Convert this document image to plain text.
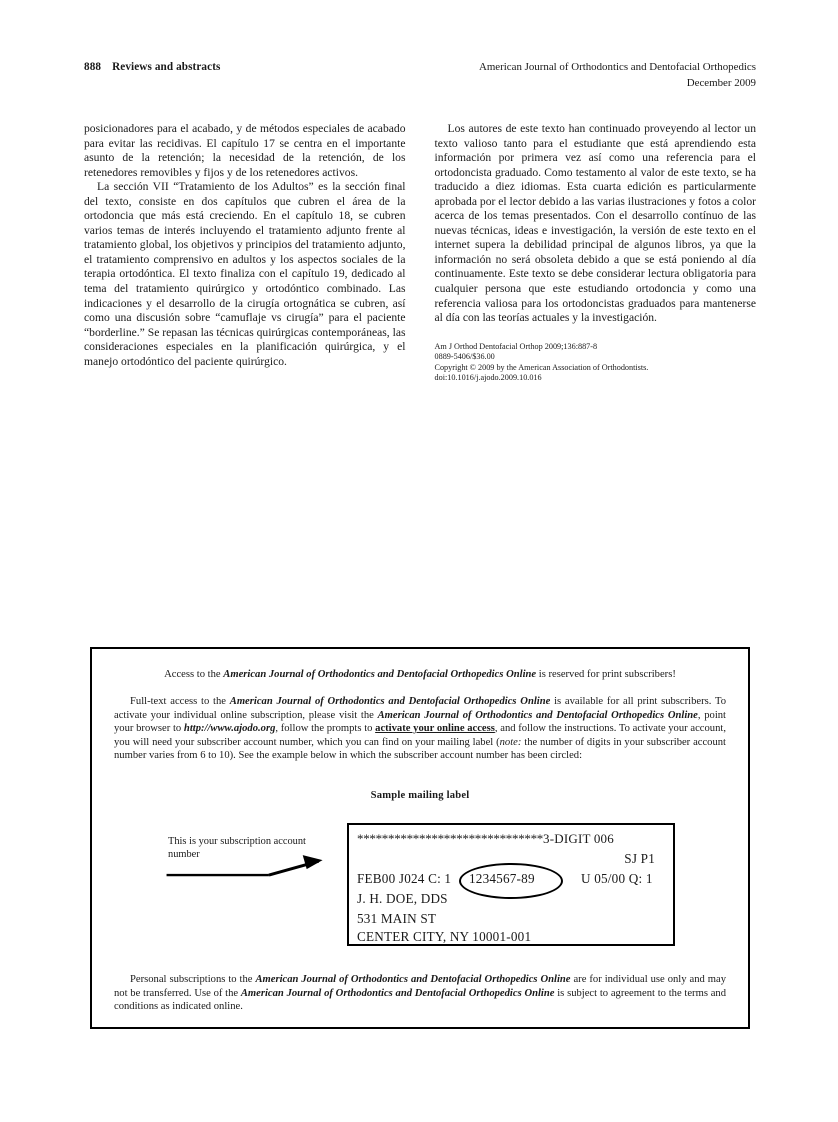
888 Reviews and abstracts	American Journal of Orthodontics and Dentofacial Orthopedics
December 2009

posicionadores para el acabado, y de métodos especiales de acabado para evitar las recidivas. El capítulo 17 se centra en el importante asunto de la retención; la necesidad de la retención, de los retenedores removibles y fijos y de los retenedores activos.

La sección VII “Tratamiento de los Adultos” es la sección final del texto, consiste en dos capítulos que cubren el área de la ortodoncia que más está creciendo. En el capítulo 18, se cubren varios temas de interés incluyendo el tratamiento adjunto frente al tratamiento global, los objetivos y principios del tratamiento adjunto, el tratamiento comprensivo en adultos y los aspectos sociales de la terapia ortodóntica. El texto finaliza con el capítulo 19, dedicado al tema del tratamiento quirúrgico y ortodóntico combinado. Las indicaciones y el desarrollo de la cirugía ortognática se cubren, así como una discusión sobre “camuflaje vs cirugía” para el paciente “borderline.” Se repasan las técnicas quirúrgicas contemporáneas, las consideraciones especiales en la planificación quirúrgica, y el manejo ortodóntico del paciente quirúrgico.

Los autores de este texto han continuado proveyendo al lector un texto valioso tanto para el estudiante que está aprendiendo esta información por primera vez así como una referencia para el ortodoncista graduado. Como testamento al valor de este texto, se ha traducido a diez idiomas. Esta cuarta edición es particularmente aprobada por el lector debido a las varias ilustraciones y fotos a color acerca de los temas presentados. Con el desarrollo contínuo de las nuevas técnicas, ideas e investigación, la versión de este texto en el internet supera la debilidad principal de algunos libros, ya que la información no será obsoleta debido a que se está poniendo al día continuamente. Este texto se debe considerar lectura obligatoria para cualquier persona que este estudiando ortodoncia y como una referencia valiosa para los ortodoncistas graduados para mantenerse al día con las teorías actuales y la investigación.

Am J Orthod Dentofacial Orthop 2009;136:887-8
0889-5406/$36.00
Copyright © 2009 by the American Association of Orthodontists.
doi:10.1016/j.ajodo.2009.10.016

Access to the American Journal of Orthodontics and Dentofacial Orthopedics Online is reserved for print subscribers!

Full-text access to the American Journal of Orthodontics and Dentofacial Orthopedics Online is available for all print subscribers. To activate your individual online subscription, please visit the American Journal of Orthodontics and Dentofacial Orthopedics Online, point your browser to http://www.ajodo.org, follow the prompts to activate your online access, and follow the instructions. To activate your account, you will need your subscriber account number, which you can find on your mailing label (note: the number of digits in your subscriber account number varies from 6 to 10). See the example below in which the subscriber account number has been circled:

Sample mailing label
This is your subscription account number
******************************3-DIGIT 006
SJ P1
FEB00 J024 C: 1 1234567-89	U 05/00 Q: 1
J. H. DOE, DDS
531 MAIN ST
CENTER CITY, NY 10001-001

Personal subscriptions to the American Journal of Orthodontics and Dentofacial Orthopedics Online are for individual use only and may not be transferred. Use of the American Journal of Orthodontics and Dentofacial Orthopedics Online is subject to agreement to the terms and conditions as indicated online.
